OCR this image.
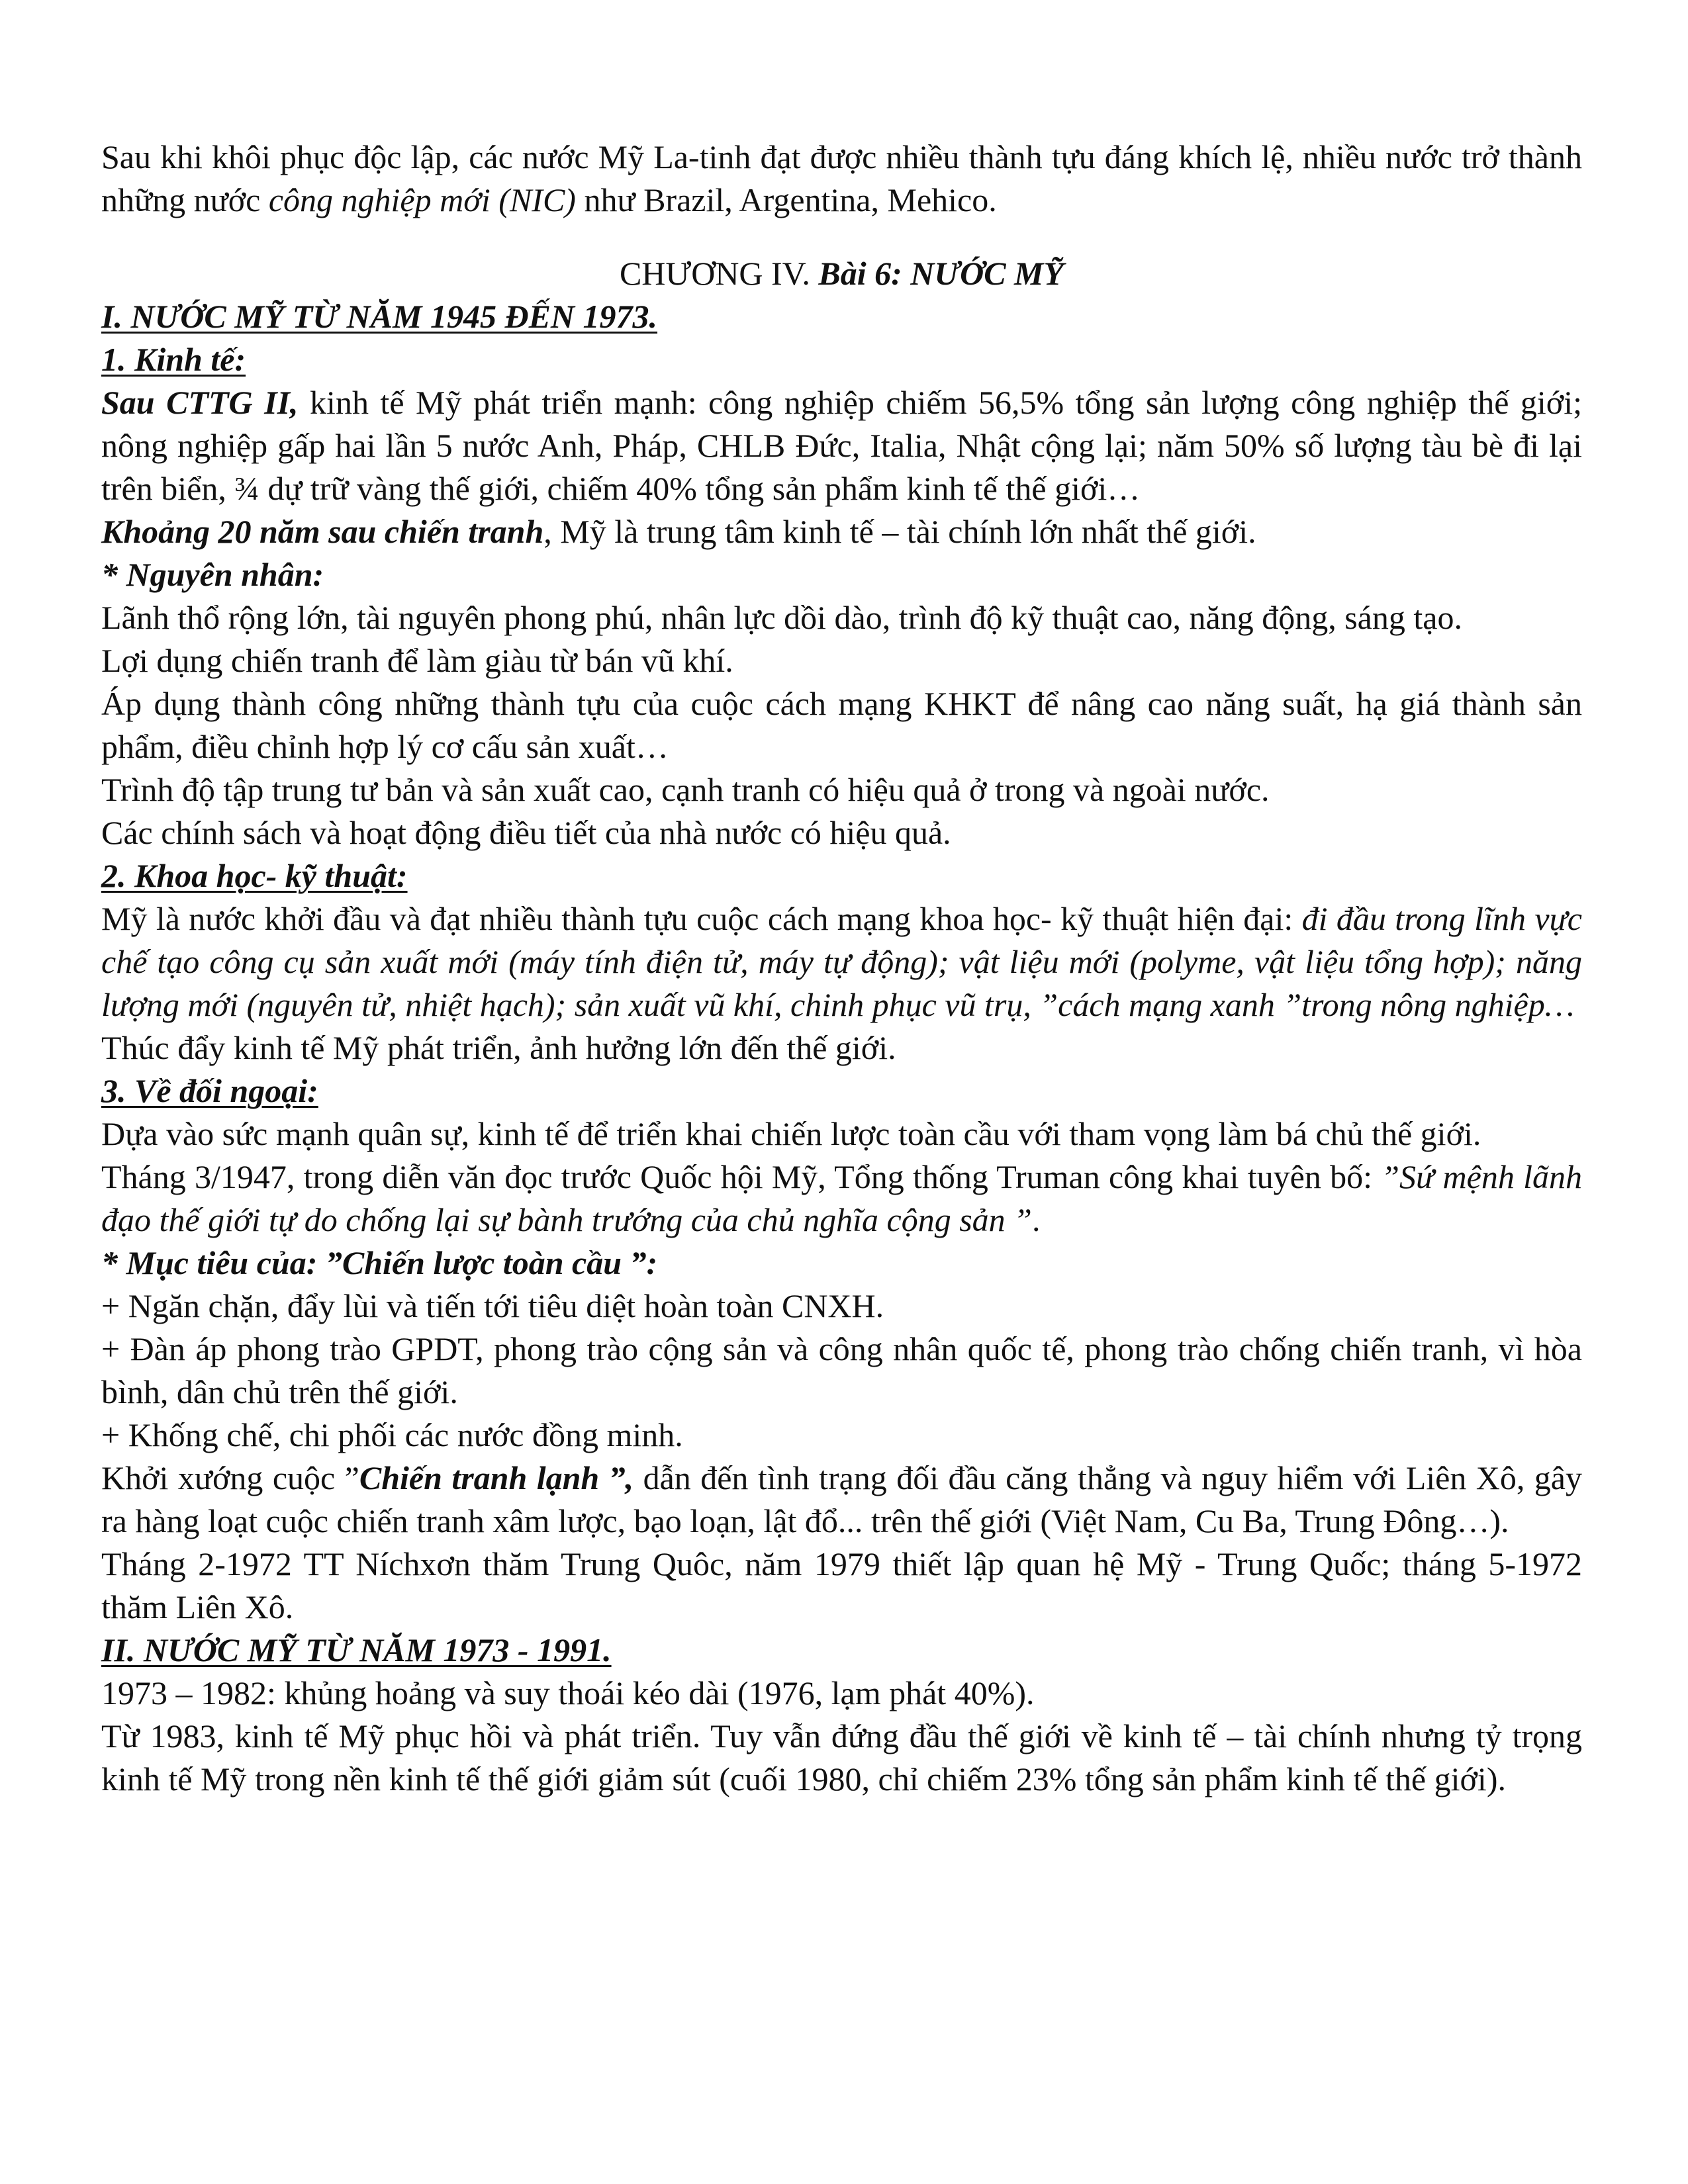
Sau khi khôi phục độc lập, các nước Mỹ La-tinh đạt được nhiều thành tựu đáng khích lệ, nhiều nước trở thành những nước công nghiệp mới (NIC) như Brazil, Argentina, Mehico.

CHƯƠNG IV. Bài 6: NƯỚC MỸ

I. NƯỚC MỸ TỪ NĂM 1945 ĐẾN 1973.

1. Kinh tế:

Sau CTTG II, kinh tế Mỹ phát triển mạnh: công nghiệp chiếm 56,5% tổng sản lượng công nghiệp thế giới; nông nghiệp gấp hai lần 5 nước Anh, Pháp, CHLB Đức, Italia, Nhật cộng lại; năm 50% số lượng tàu bè đi lại trên biển, ¾ dự trữ vàng thế giới, chiếm 40% tổng sản phẩm kinh tế thế giới…

Khoảng 20 năm sau chiến tranh, Mỹ là trung tâm kinh tế – tài chính lớn nhất thế giới.

* Nguyên nhân:

Lãnh thổ rộng lớn, tài nguyên phong phú, nhân lực dồi dào, trình độ kỹ thuật cao, năng động, sáng tạo.

Lợi dụng chiến tranh để làm giàu từ bán vũ khí.

Áp dụng thành công những thành tựu của cuộc cách mạng KHKT để nâng cao năng suất, hạ giá thành sản phẩm, điều chỉnh hợp lý cơ cấu sản xuất…

Trình độ tập trung tư bản và sản xuất cao, cạnh tranh có hiệu quả ở trong và ngoài nước.

Các chính sách và hoạt động điều tiết của nhà nước có hiệu quả.

2. Khoa học- kỹ thuật:

Mỹ là nước khởi đầu và đạt nhiều thành tựu cuộc cách mạng khoa học- kỹ thuật hiện đại: đi đầu trong lĩnh vực chế tạo công cụ sản xuất mới (máy tính điện tử, máy tự động); vật liệu mới (polyme, vật liệu tổng hợp); năng lượng mới (nguyên tử, nhiệt hạch); sản xuất vũ khí, chinh phục vũ trụ, ”cách mạng xanh ”trong nông nghiệp…

Thúc đẩy kinh tế Mỹ phát triển, ảnh hưởng lớn đến thế giới.

3. Về đối ngoại:

Dựa vào sức mạnh quân sự, kinh tế để triển khai chiến lược toàn cầu với tham vọng làm bá chủ thế giới.

Tháng 3/1947, trong diễn văn đọc trước Quốc hội Mỹ, Tổng thống Truman công khai tuyên bố: ”Sứ mệnh lãnh đạo thế giới tự do chống lại sự bành trướng của chủ nghĩa cộng sản ”.

* Mục tiêu của: ”Chiến lược toàn cầu ”:

+ Ngăn chặn, đẩy lùi và tiến tới tiêu diệt hoàn toàn CNXH.

+ Đàn áp phong trào GPDT, phong trào cộng sản và công nhân quốc tế, phong trào chống chiến tranh, vì hòa bình, dân chủ trên thế giới.

+ Khống chế, chi phối các nước đồng minh.

Khởi xướng cuộc ”Chiến tranh lạnh ”, dẫn đến tình trạng đối đầu căng thẳng và nguy hiểm với Liên Xô, gây ra hàng loạt cuộc chiến tranh xâm lược, bạo loạn, lật đổ... trên thế giới (Việt Nam, Cu Ba, Trung Đông…).

Tháng 2-1972 TT Níchxơn thăm Trung Quôc, năm 1979 thiết lập quan hệ Mỹ - Trung Quốc; tháng 5-1972 thăm Liên Xô.

II. NƯỚC MỸ TỪ NĂM 1973 - 1991.

1973 – 1982: khủng hoảng và suy thoái kéo dài (1976, lạm phát 40%).

Từ 1983, kinh tế Mỹ phục hồi và phát triển. Tuy vẫn đứng đầu thế giới về kinh tế – tài chính nhưng tỷ trọng kinh tế Mỹ trong nền kinh tế thế giới giảm sút (cuối 1980, chỉ chiếm 23% tổng sản phẩm kinh tế thế giới).
